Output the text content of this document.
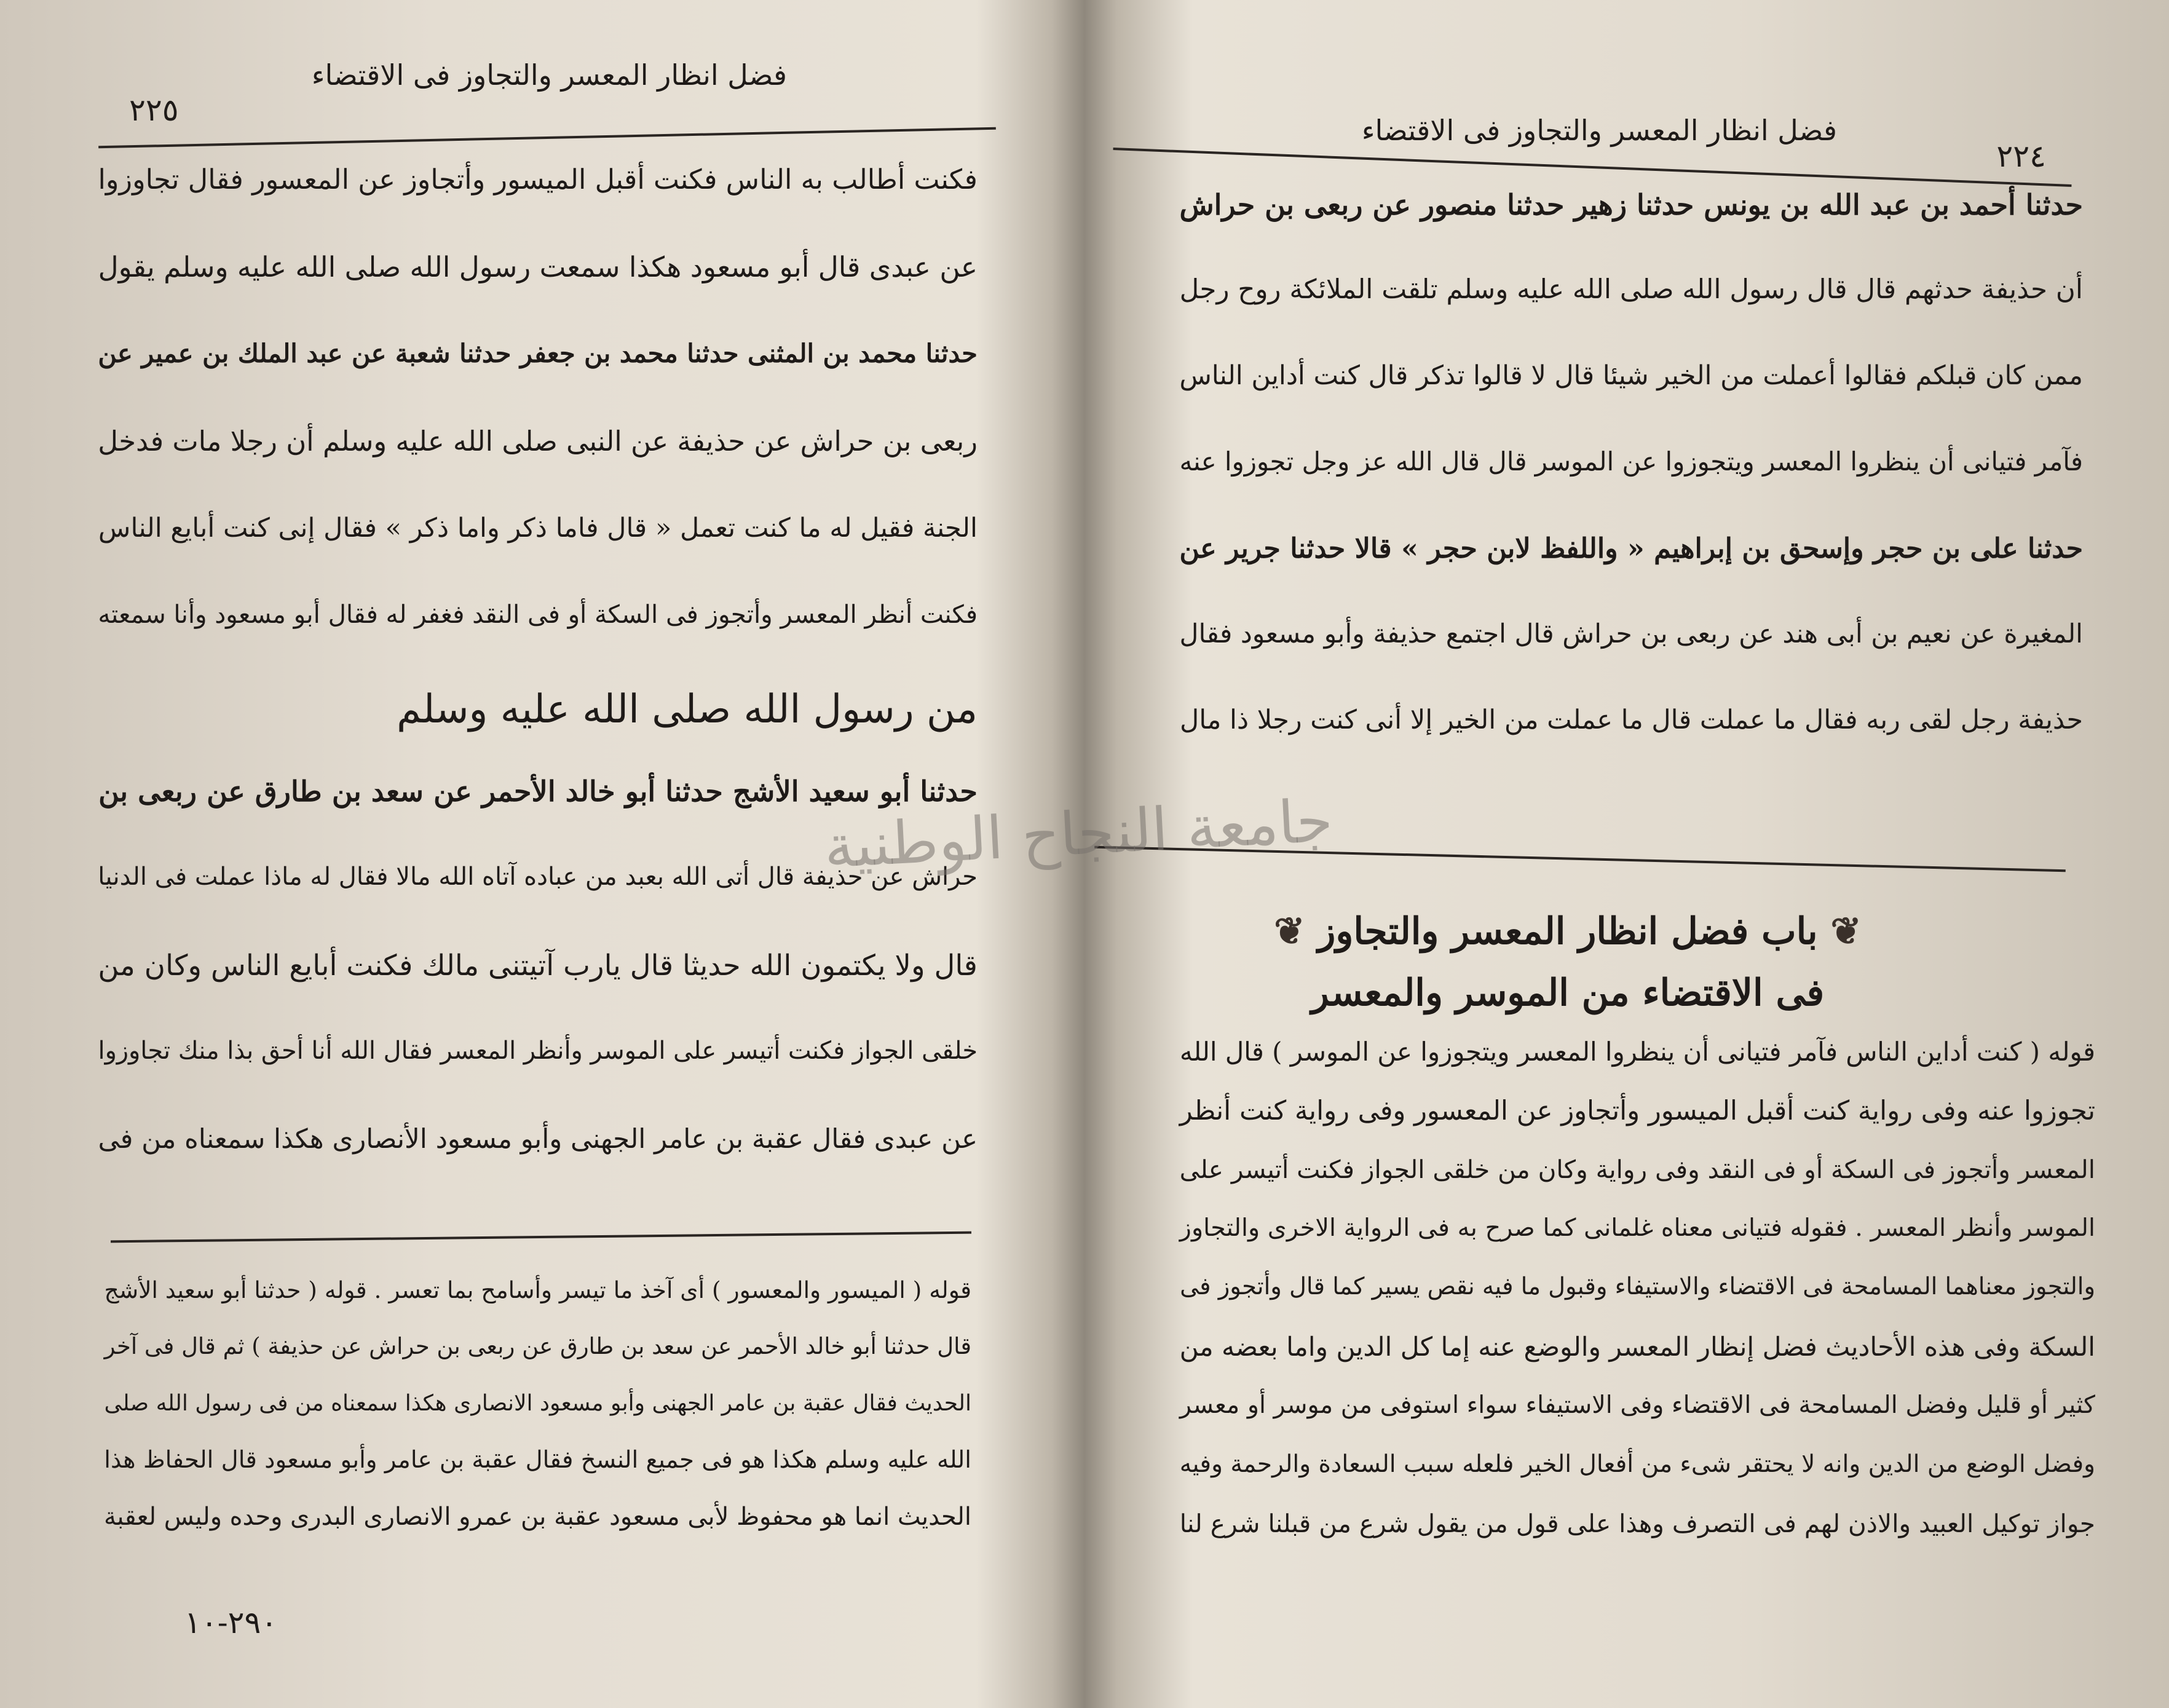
فضل انظار المعسر والتجاوز فى الاقتضاء
٢٢٥
فكنت أطالب به الناس فكنت أقبل الميسور وأتجاوز عن المعسور فقال تجاوزوا
عن عبدى قال أبو مسعود هكذا سمعت رسول الله صلى الله عليه وسلم يقول
حدثنا محمد بن المثنى حدثنا محمد بن جعفر حدثنا شعبة عن عبد الملك بن عمير عن
ربعى بن حراش عن حذيفة عن النبى صلى الله عليه وسلم أن رجلا مات فدخل
الجنة فقيل له ما كنت تعمل « قال فاما ذكر واما ذكر » فقال إنى كنت أبايع الناس
فكنت أنظر المعسر وأتجوز فى السكة أو فى النقد فغفر له فقال أبو مسعود وأنا سمعته
من رسول الله صلى الله عليه وسلم
حدثنا أبو سعيد الأشج حدثنا أبو خالد الأحمر عن سعد بن طارق عن ربعى بن
حراش عن حذيفة قال أتى الله بعبد من عباده آتاه الله مالا فقال له ماذا عملت فى الدنيا
قال ولا يكتمون الله حديثا قال يارب آتيتنى مالك فكنت أبايع الناس وكان من
خلقى الجواز فكنت أتيسر على الموسر وأنظر المعسر فقال الله أنا أحق بذا منك تجاوزوا
عن عبدى فقال عقبة بن عامر الجهنى وأبو مسعود الأنصارى هكذا سمعناه من فى
قوله ( الميسور والمعسور ) أى آخذ ما تيسر وأسامح بما تعسر . قوله ( حدثنا أبو سعيد الأشج
قال حدثنا أبو خالد الأحمر عن سعد بن طارق عن ربعى بن حراش عن حذيفة ) ثم قال فى آخر
الحديث فقال عقبة بن عامر الجهنى وأبو مسعود الانصارى هكذا سمعناه من فى رسول الله صلى
الله عليه وسلم هكذا هو فى جميع النسخ فقال عقبة بن عامر وأبو مسعود قال الحفاظ هذا
الحديث انما هو محفوظ لأبى مسعود عقبة بن عمرو الانصارى البدرى وحده وليس لعقبة
٢٩٠-١٠
فضل انظار المعسر والتجاوز فى الاقتضاء
٢٢٤
حدثنا أحمد بن عبد الله بن يونس حدثنا زهير حدثنا منصور عن ربعى بن حراش
أن حذيفة حدثهم قال قال رسول الله صلى الله عليه وسلم تلقت الملائكة روح رجل
ممن كان قبلكم فقالوا أعملت من الخير شيئا قال لا قالوا تذكر قال كنت أداين الناس
فآمر فتيانى أن ينظروا المعسر ويتجوزوا عن الموسر قال قال الله عز وجل تجوزوا عنه
حدثنا على بن حجر وإسحق بن إبراهيم « واللفظ لابن حجر » قالا حدثنا جرير عن
المغيرة عن نعيم بن أبى هند عن ربعى بن حراش قال اجتمع حذيفة وأبو مسعود فقال
حذيفة رجل لقى ربه فقال ما عملت قال ما عملت من الخير إلا أنى كنت رجلا ذا مال
❦ باب فضل انظار المعسر والتجاوز ❦
فى الاقتضاء من الموسر والمعسر
قوله ( كنت أداين الناس فآمر فتيانى أن ينظروا المعسر ويتجوزوا عن الموسر ) قال الله
تجوزوا عنه وفى رواية كنت أقبل الميسور وأتجاوز عن المعسور وفى رواية كنت أنظر
المعسر وأتجوز فى السكة أو فى النقد وفى رواية وكان من خلقى الجواز فكنت أتيسر على
الموسر وأنظر المعسر . فقوله فتيانى معناه غلمانى كما صرح به فى الرواية الاخرى والتجاوز
والتجوز معناهما المسامحة فى الاقتضاء والاستيفاء وقبول ما فيه نقص يسير كما قال وأتجوز فى
السكة وفى هذه الأحاديث فضل إنظار المعسر والوضع عنه إما كل الدين واما بعضه من
كثير أو قليل وفضل المسامحة فى الاقتضاء وفى الاستيفاء سواء استوفى من موسر أو معسر
وفضل الوضع من الدين وانه لا يحتقر شىء من أفعال الخير فلعله سبب السعادة والرحمة وفيه
جواز توكيل العبيد والاذن لهم فى التصرف وهذا على قول من يقول شرع من قبلنا شرع لنا
جامعة النجاح الوطنية
